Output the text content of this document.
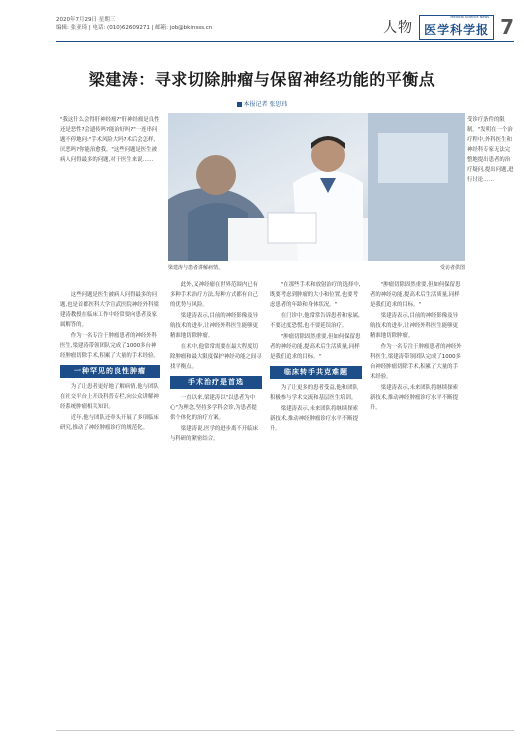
2020年7月29日 星期三
编辑: 张亚琦 | 电话: (010)62609271 | 邮箱: job@bkinsss.cn	人物
Medical Science News
医学科学报 7
梁建涛：寻求切除肿瘤与保留神经功能的平衡点
本报记者 张思玮
"我这什么会得肝神经瘤?"肝神经瘤是良性还是恶性?会遗传吗?能治好吗?"一连串问题不停地问:"手术风险大吗?术后会怎样,厌恶吗?你能治愈我。"这些问题是医生被病人问得最多的问题,对于医生来说……
梁建涛与患者讲解病情。	受访者供图
受诊疗条件的限制。"发明在一个治疗程中,外科医生和神经科专家无法完整地提出患者的治疗疑问,提出问题,进行讨论……

这些问题是医生被病人问得最多的问题,也是首都医科大学宣武医院神经外科梁建涛教授在临床工作中经常要向患者及家属解答的。

作为一名专注于肿瘤患者的神经外科医生,梁建涛带领团队完成了1000多台神经肿瘤切除手术,积累了大量的手术经验。

一种罕见的良性肿瘤

为了让患者更好地了解病情,他与团队在社交平台上开设科普专栏,向公众讲解神经系统肿瘤相关知识。

近年,他与团队还牵头开展了多项临床研究,推动了神经肿瘤诊疗的规范化。

此外,叉神经瘤在世界范围内已有多种手术治疗方法,每种方式都有自己的优势与风险。

梁建涛表示,目前的神经影像及导航技术的进步,让神经外科医生能够更精准地切除肿瘤。

在术中,他常常需要在最大程度切除肿瘤和最大限度保护神经功能之间寻找平衡点。

手术治疗是首选

一直以来,梁建涛以"以患者为中心"为理念,坚持多学科会诊,为患者提供个体化的治疗方案。

梁建涛说,医学的进步离不开临床与科研的紧密结合。

"在那些手术和放射治疗的选择中,既要考虑到肿瘤的大小和位置,也要考虑患者的年龄和身体状况。"

在门诊中,他常常告诉患者和家属,不要过度恐慌,也不要延误治疗。

"肿瘤切除固然重要,但如何保留患者的神经功能,提高术后生活质量,同样是我们追求的目标。"

临床转手共克难题

为了让更多的患者受益,他和团队积极参与学术交流和基层医生培训。

梁建涛表示,未来团队将继续探索新技术,推动神经肿瘤诊疗水平不断提升。

"肿瘤切除固然重要,但如何保留患者的神经功能,提高术后生活质量,同样是我们追求的目标。"

梁建涛表示,目前的神经影像及导航技术的进步,让神经外科医生能够更精准地切除肿瘤。

作为一名专注于肿瘤患者的神经外科医生,梁建涛带领团队完成了1000多台神经肿瘤切除手术,积累了大量的手术经验。

梁建涛表示,未来团队将继续探索新技术,推动神经肿瘤诊疗水平不断提升。
